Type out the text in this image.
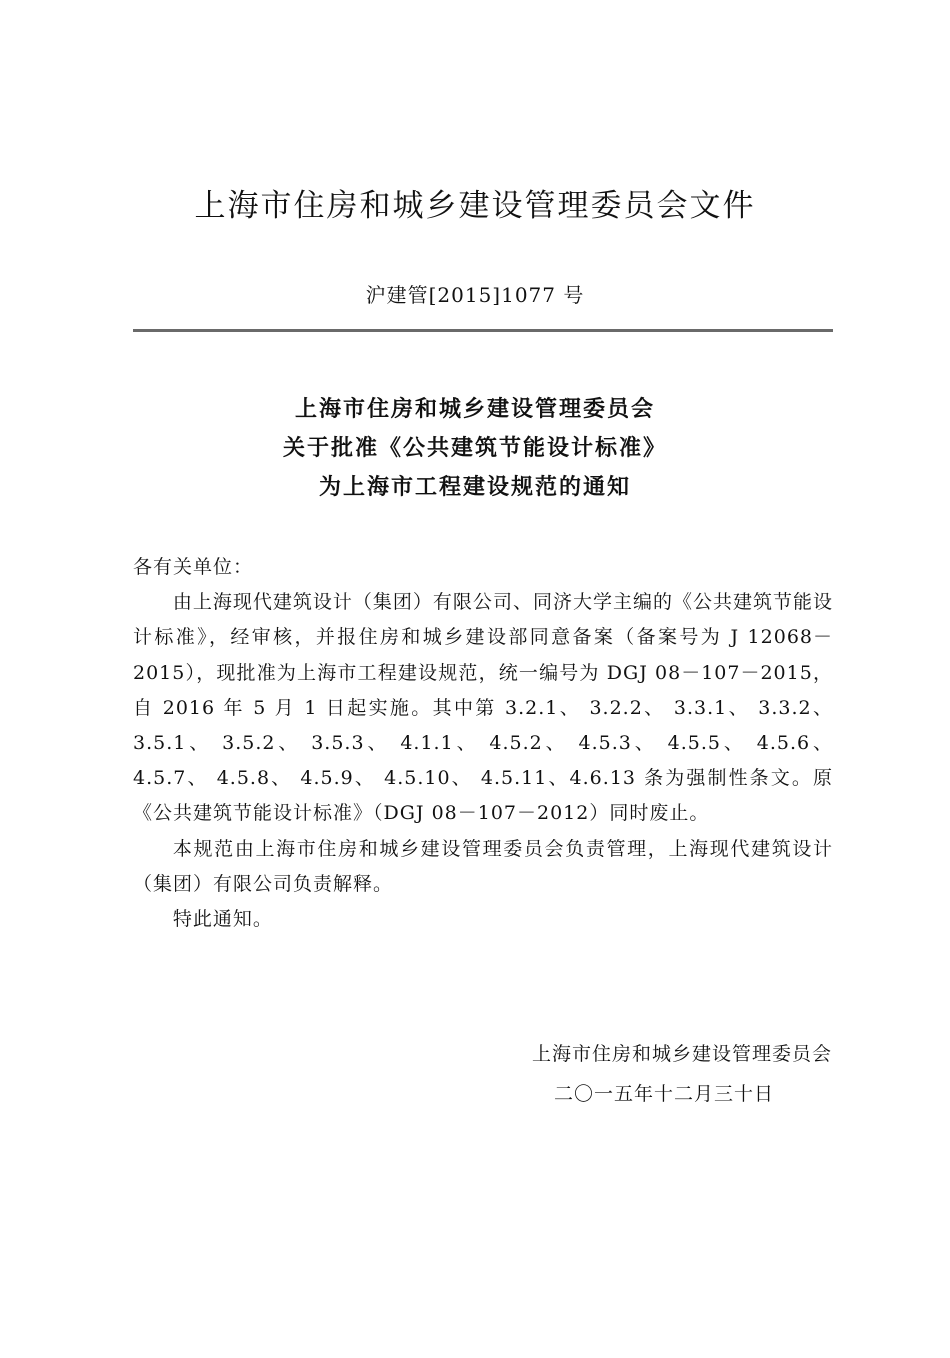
上海市住房和城乡建设管理委员会文件
沪建管[2015]1077 号
上海市住房和城乡建设管理委员会
关于批准《公共建筑节能设计标准》
为上海市工程建设规范的通知

各有关单位：

由上海现代建筑设计（集团）有限公司、同济大学主编的《公共建筑节能设计标准》，经审核，并报住房和城乡建设部同意备案（备案号为 J 12068－2015），现批准为上海市工程建设规范，统一编号为 DGJ 08－107－2015，自 2016 年 5 月 1 日起实施。其中第 3.2.1、 3.2.2、 3.3.1、 3.3.2、 3.5.1、 3.5.2、 3.5.3、 4.1.1、 4.5.2、 4.5.3、 4.5.5、 4.5.6、 4.5.7、 4.5.8、 4.5.9、 4.5.10、 4.5.11、4.6.13 条为强制性条文。原《公共建筑节能设计标准》（DGJ 08－107－2012）同时废止。

本规范由上海市住房和城乡建设管理委员会负责管理，上海现代建筑设计（集团）有限公司负责解释。

特此通知。

上海市住房和城乡建设管理委员会
二〇一五年十二月三十日
